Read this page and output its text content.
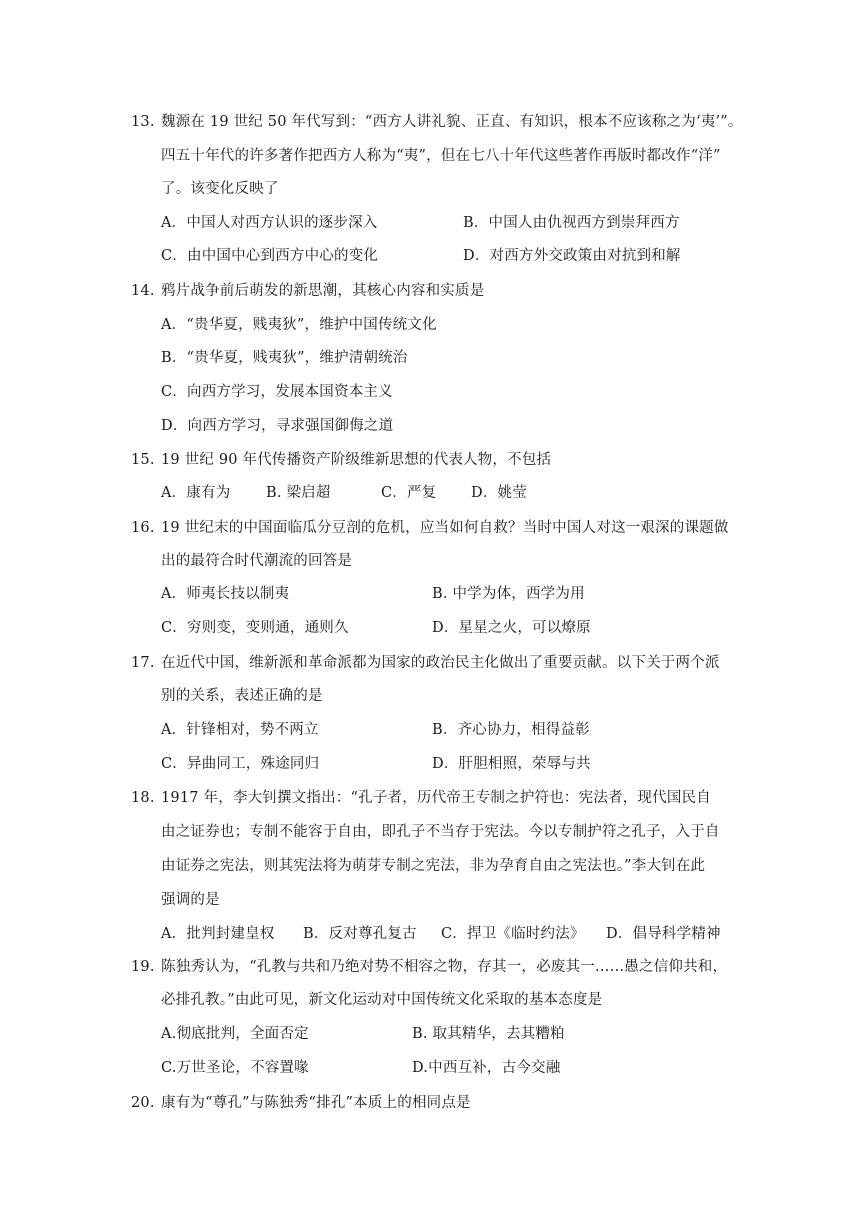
13. 魏源在 19 世纪 50 年代写到：“西方人讲礼貌、正直、有知识，根本不应该称之为‘夷’”。
四五十年代的许多著作把西方人称为“夷”，但在七八十年代这些著作再版时都改作“洋”
了。该变化反映了
A．中国人对西方认识的逐步深入	B．中国人由仇视西方到崇拜西方
C．由中国中心到西方中心的变化	D．对西方外交政策由对抗到和解
14. 鸦片战争前后萌发的新思潮，其核心内容和实质是
A．“贵华夏，贱夷狄”，维护中国传统文化
B．“贵华夏，贱夷狄”，维护清朝统治
C．向西方学习，发展本国资本主义
D．向西方学习，寻求强国御侮之道
15. 19 世纪 90 年代传播资产阶级维新思想的代表人物，不包括
A．康有为 B. 梁启超	C．严复 D．姚莹
16. 19 世纪末的中国面临瓜分豆剖的危机，应当如何自救？当时中国人对这一艰深的课题做
出的最符合时代潮流的回答是
A．师夷长技以制夷	B. 中学为体，西学为用
C．穷则变，变则通，通则久	D．星星之火，可以燎原
17. 在近代中国，维新派和革命派都为国家的政治民主化做出了重要贡献。以下关于两个派
别的关系，表述正确的是
A．针锋相对，势不两立	B．齐心协力，相得益彰
C．异曲同工，殊途同归	D．肝胆相照，荣辱与共
18. 1917 年，李大钊撰文指出：“孔子者，历代帝王专制之护符也：宪法者，现代国民自
由之证券也；专制不能容于自由，即孔子不当存于宪法。今以专制护符之孔子，入于自
由证券之宪法，则其宪法将为萌芽专制之宪法，非为孕育自由之宪法也。”李大钊在此
强调的是
A．批判封建皇权 B．反对尊孔复古 C．捍卫《临时约法》 D．倡导科学精神
19. 陈独秀认为，“孔教与共和乃绝对势不相容之物，存其一，必废其一……愚之信仰共和，
必排孔教。”由此可见，新文化运动对中国传统文化采取的基本态度是
A.彻底批判，全面否定	B. 取其精华，去其糟粕
C.万世圣论，不容置喙	D.中西互补，古今交融
20. 康有为“尊孔”与陈独秀“排孔”本质上的相同点是
